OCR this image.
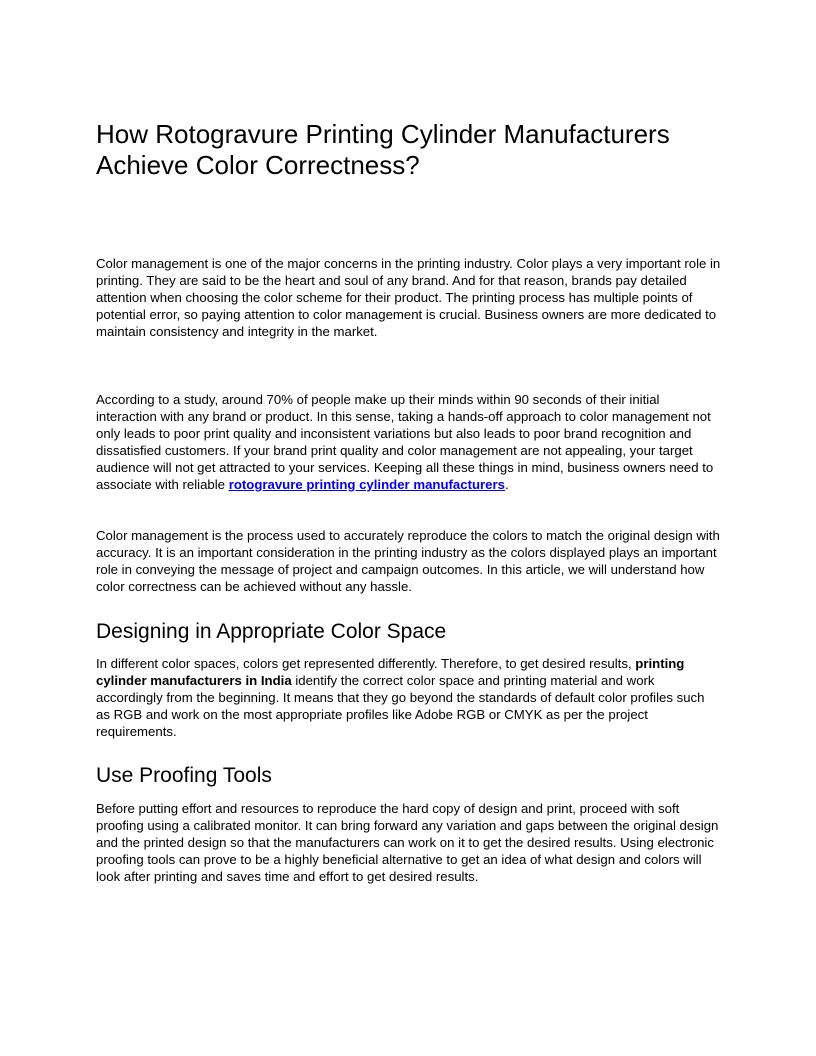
How Rotogravure Printing Cylinder Manufacturers Achieve Color Correctness?

Color management is one of the major concerns in the printing industry. Color plays a very important role in printing. They are said to be the heart and soul of any brand. And for that reason, brands pay detailed attention when choosing the color scheme for their product. The printing process has multiple points of potential error, so paying attention to color management is crucial. Business owners are more dedicated to maintain consistency and integrity in the market.

According to a study, around 70% of people make up their minds within 90 seconds of their initial interaction with any brand or product. In this sense, taking a hands-off approach to color management not only leads to poor print quality and inconsistent variations but also leads to poor brand recognition and dissatisfied customers. If your brand print quality and color management are not appealing, your target audience will not get attracted to your services. Keeping all these things in mind, business owners need to associate with reliable rotogravure printing cylinder manufacturers.

Color management is the process used to accurately reproduce the colors to match the original design with accuracy. It is an important consideration in the printing industry as the colors displayed plays an important role in conveying the message of project and campaign outcomes. In this article, we will understand how color correctness can be achieved without any hassle.

Designing in Appropriate Color Space

In different color spaces, colors get represented differently. Therefore, to get desired results, printing cylinder manufacturers in India identify the correct color space and printing material and work accordingly from the beginning. It means that they go beyond the standards of default color profiles such as RGB and work on the most appropriate profiles like Adobe RGB or CMYK as per the project requirements.

Use Proofing Tools

Before putting effort and resources to reproduce the hard copy of design and print, proceed with soft proofing using a calibrated monitor. It can bring forward any variation and gaps between the original design and the printed design so that the manufacturers can work on it to get the desired results. Using electronic proofing tools can prove to be a highly beneficial alternative to get an idea of what design and colors will look after printing and saves time and effort to get desired results.
